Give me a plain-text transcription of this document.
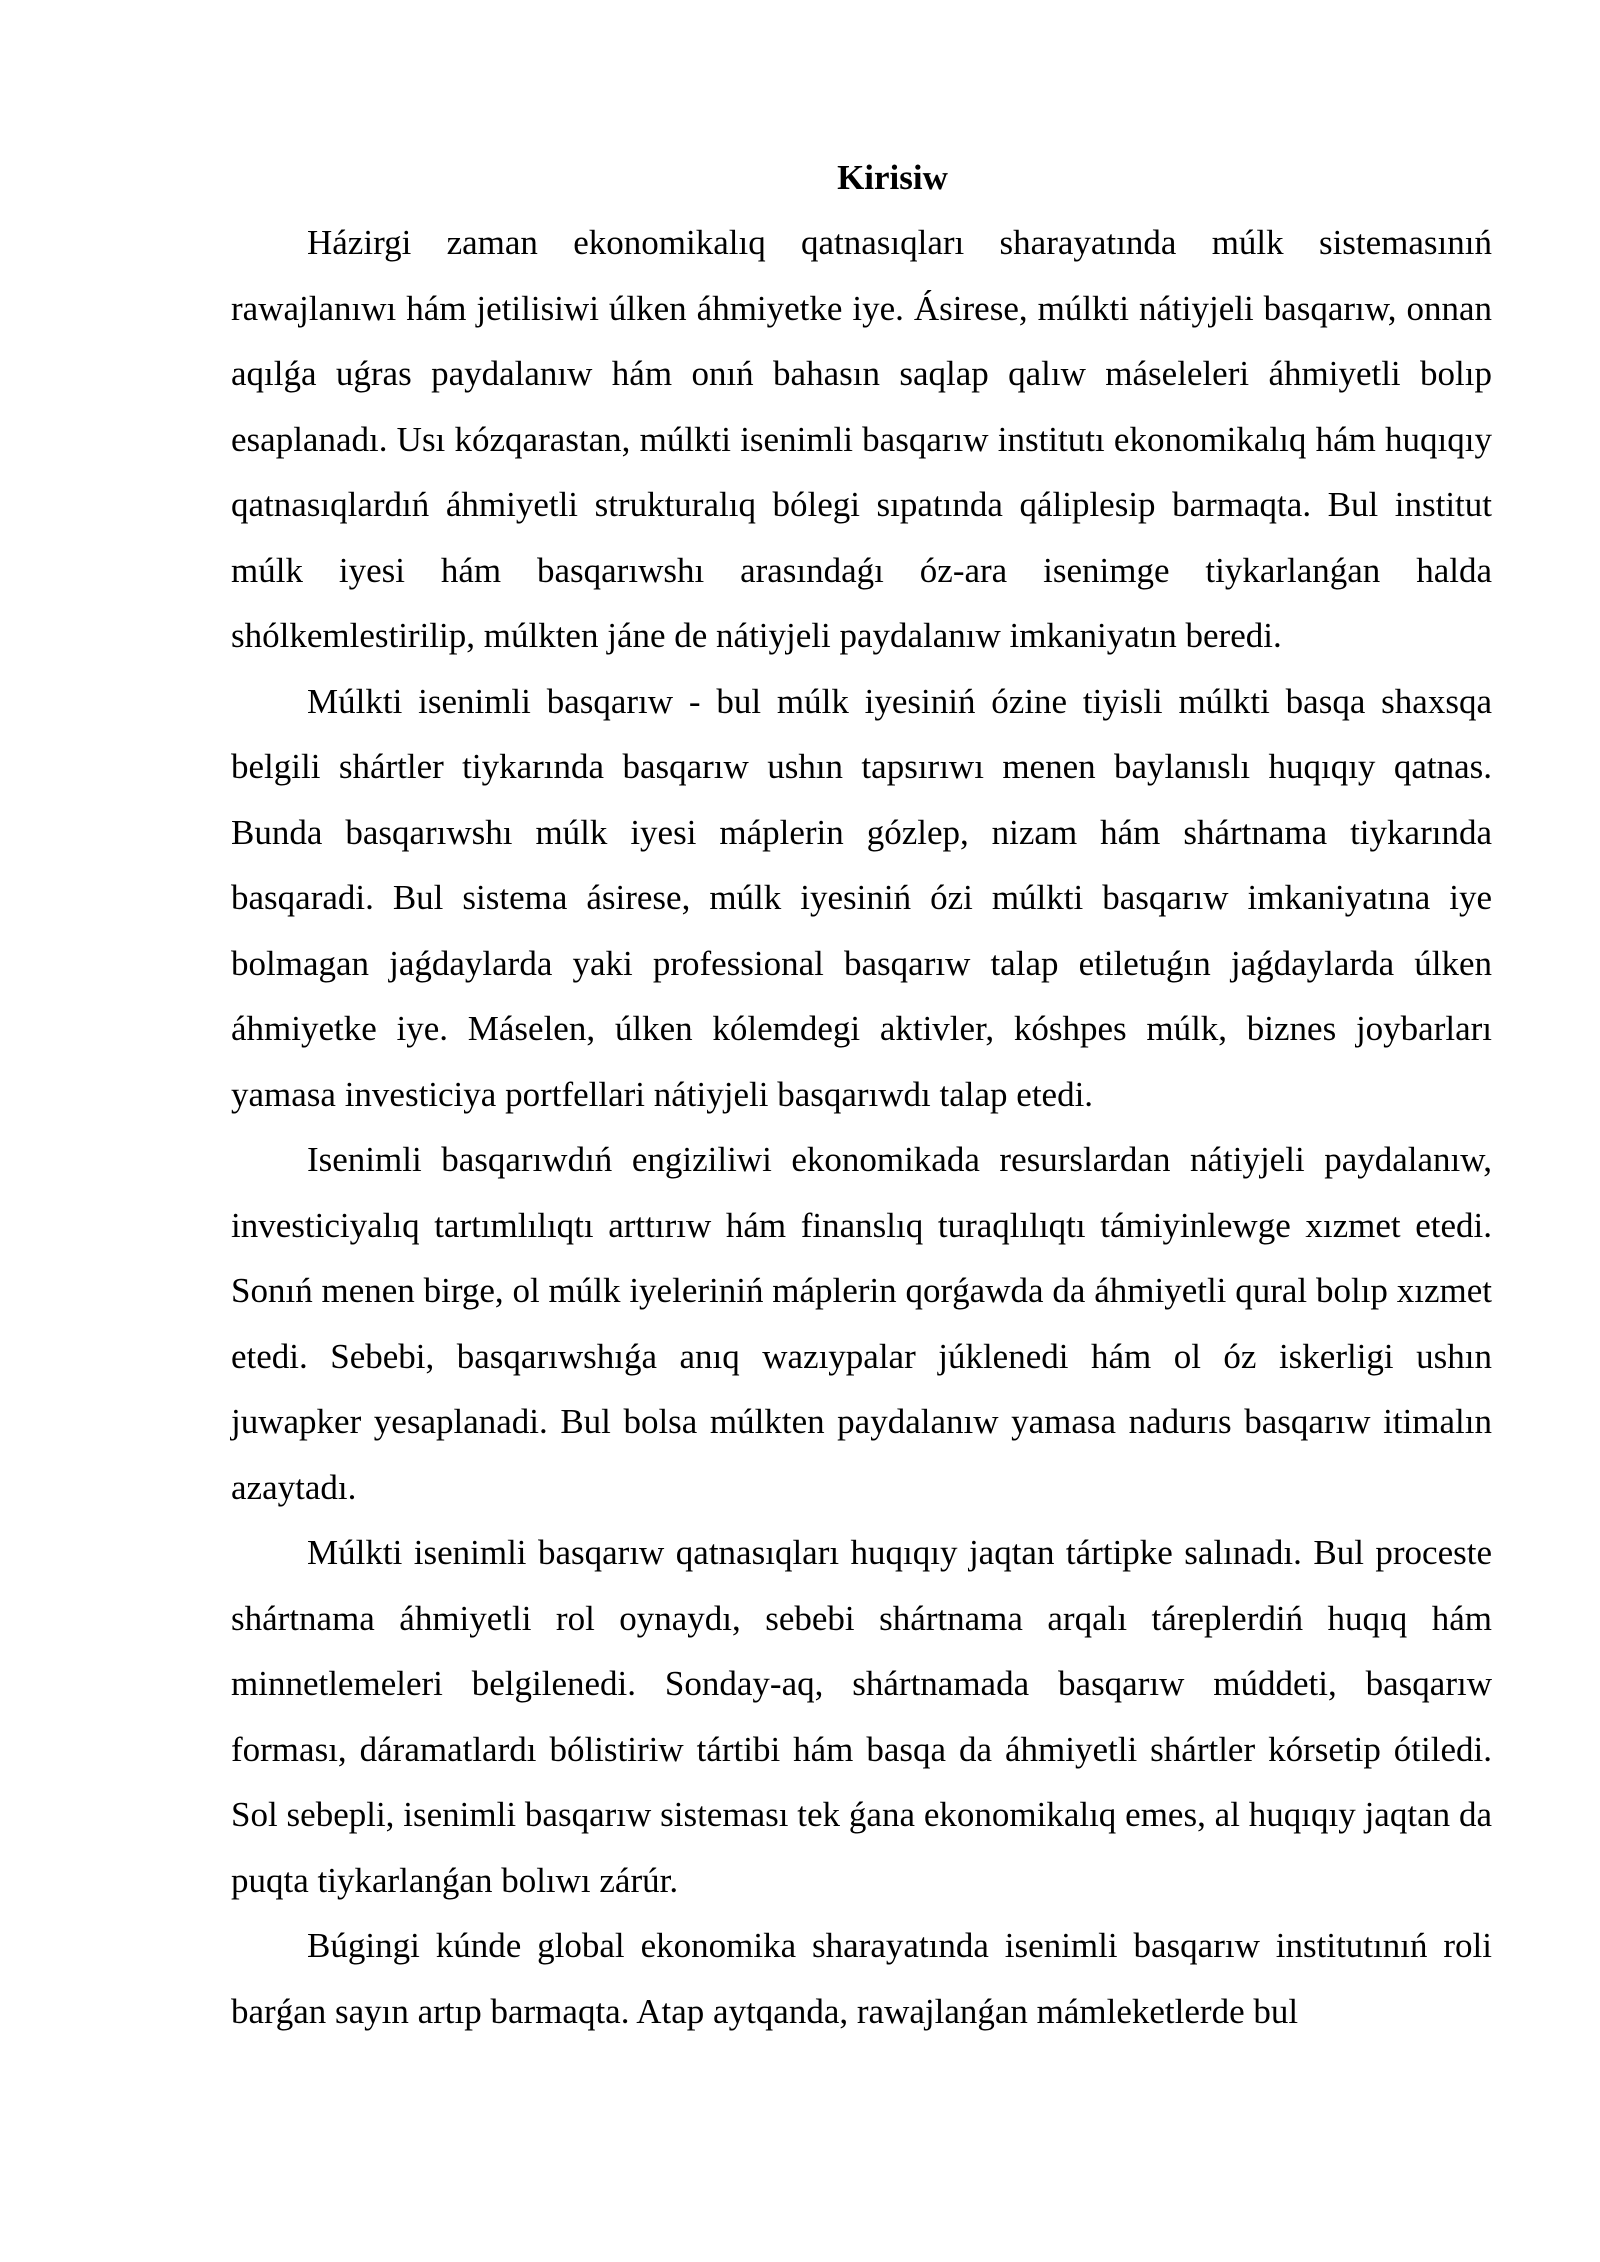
Kirisiw

Házirgi zaman ekonomikalıq qatnasıqları sharayatında múlk sistemasınıń rawajlanıwı hám jetilisiwi úlken áhmiyetke iye. Ásirese, múlkti nátiyjeli basqarıw, onnan aqılǵa uǵras paydalanıw hám onıń bahasın saqlap qalıw máseleleri áhmiyetli bolıp esaplanadı. Usı kózqarastan, múlkti isenimli basqarıw institutı ekonomikalıq hám huqıqıy qatnasıqlardıń áhmiyetli strukturalıq bólegi sıpatında qáliplesip barmaqta. Bul institut múlk iyesi hám basqarıwshı arasındaǵı óz-ara isenimge tiykarlanǵan halda shólkemlestirilip, múlkten jáne de nátiyjeli paydalanıw imkaniyatın beredi.

Múlkti isenimli basqarıw - bul múlk iyesiniń ózine tiyisli múlkti basqa shaxsqa belgili shártler tiykarında basqarıw ushın tapsırıwı menen baylanıslı huqıqıy qatnas. Bunda basqarıwshı múlk iyesi máplerin gózlep, nizam hám shártnama tiykarında basqaradi. Bul sistema ásirese, múlk iyesiniń ózi múlkti basqarıw imkaniyatına iye bolmagan jaǵdaylarda yaki professional basqarıw talap etiletuǵın jaǵdaylarda úlken áhmiyetke iye. Máselen, úlken kólemdegi aktivler, kóshpes múlk, biznes joybarları yamasa investiciya portfellari nátiyjeli basqarıwdı talap etedi.

Isenimli basqarıwdıń engiziliwi ekonomikada resurslardan nátiyjeli paydalanıw, investiciyalıq tartımlılıqtı arttırıw hám finanslıq turaqlılıqtı támiyinlewge xızmet etedi. Sonıń menen birge, ol múlk iyeleriniń máplerin qorǵawda da áhmiyetli qural bolıp xızmet etedi. Sebebi, basqarıwshıǵa anıq wazıypalar júklenedi hám ol óz iskerligi ushın juwapker yesaplanadi. Bul bolsa múlkten paydalanıw yamasa nadurıs basqarıw itimalın azaytadı.

Múlkti isenimli basqarıw qatnasıqları huqıqıy jaqtan tártipke salınadı. Bul proceste shártnama áhmiyetli rol oynaydı, sebebi shártnama arqalı táreplerdiń huqıq hám minnetlemeleri belgilenedi. Sonday-aq, shártnamada basqarıw múddeti, basqarıw forması, dáramatlardı bólistiriw tártibi hám basqa da áhmiyetli shártler kórsetip ótiledi. Sol sebepli, isenimli basqarıw sisteması tek ǵana ekonomikalıq emes, al huqıqıy jaqtan da puqta tiykarlanǵan bolıwı zárúr.

Búgingi kúnde global ekonomika sharayatında isenimli basqarıw institutınıń roli barǵan sayın artıp barmaqta. Atap aytqanda, rawajlanǵan mámleketlerde bul
